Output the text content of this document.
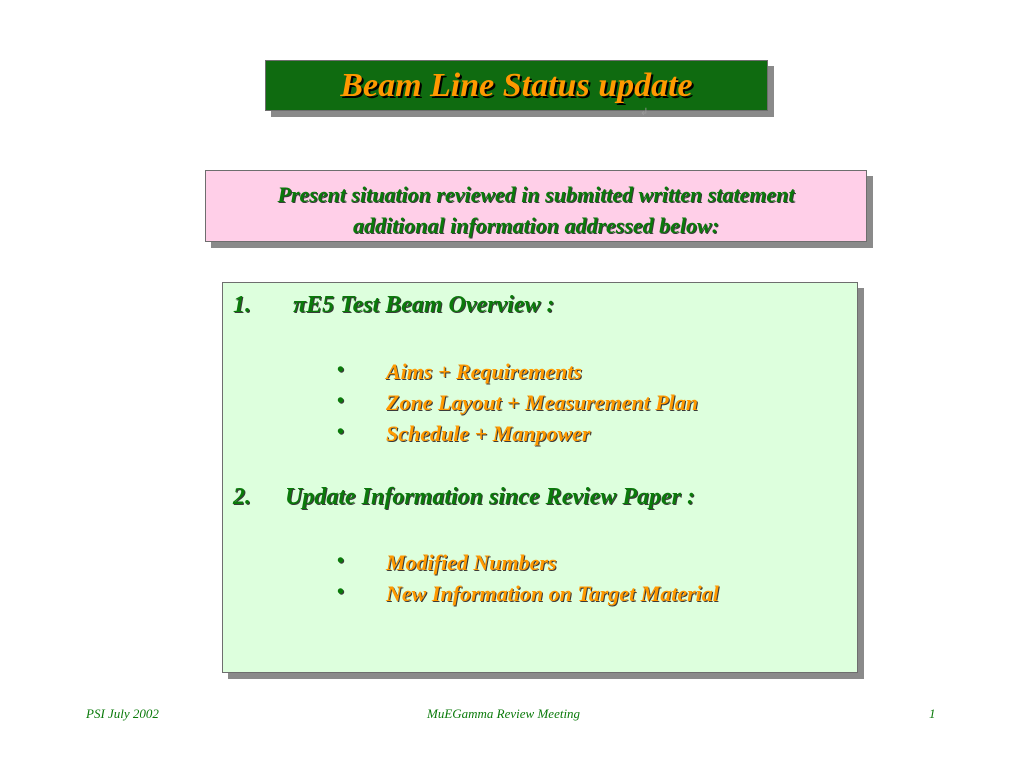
Beam Line Status update
↲
Present situation reviewed in submitted written statement
additional information addressed below:
1. πE5 Test Beam Overview :
• Aims + Requirements
• Zone Layout + Measurement Plan
• Schedule + Manpower
2. Update Information since Review Paper :
• Modified Numbers
• New Information on Target Material
PSI July 2002	MuEGamma Review Meeting	1
